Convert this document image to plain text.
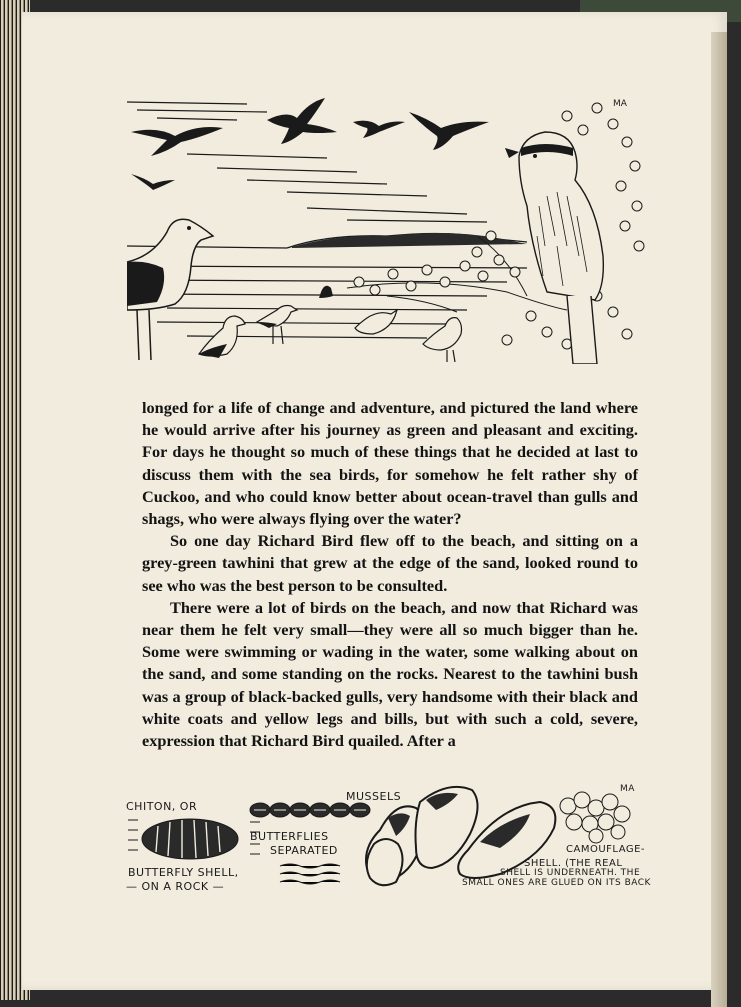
MA

longed for a life of change and adventure, and pictured the land where he would arrive after his journey as green and pleasant and exciting. For days he thought so much of these things that he decided at last to discuss them with the sea birds, for somehow he felt rather shy of Cuckoo, and who could know better about ocean-travel than gulls and shags, who were always flying over the water?

So one day Richard Bird flew off to the beach, and sitting on a grey-green tawhini that grew at the edge of the sand, looked round to see who was the best person to be consulted.

There were a lot of birds on the beach, and now that Richard was near them he felt very small—they were all so much bigger than he. Some were swimming or wading in the water, some walking about on the sand, and some standing on the rocks. Nearest to the tawhini bush was a group of black-backed gulls, very handsome with their black and white coats and yellow legs and bills, but with such a cold, severe, expression that Richard Bird quailed. After a

CHITON, OR
BUTTERFLY SHELL,
— ON A ROCK —
BUTTERFLIES
SEPARATED
MUSSELS
CAMOUFLAGE-
SHELL. (THE REAL
SHELL IS UNDERNEATH. THE
SMALL ONES ARE GLUED ON ITS BACK
MA
